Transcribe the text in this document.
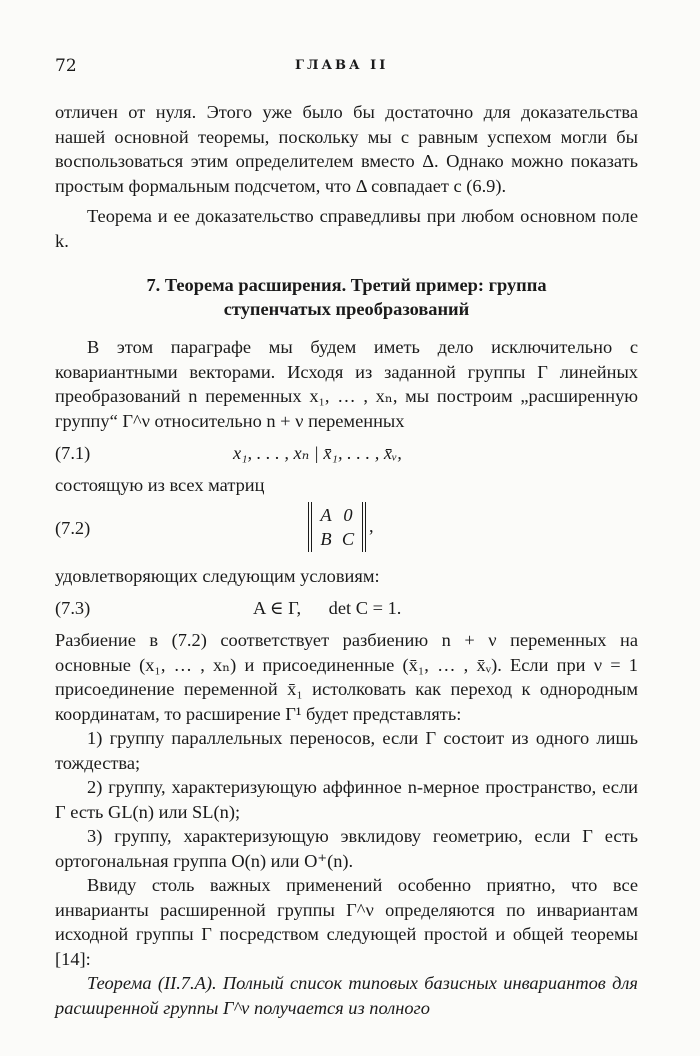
72	ГЛАВА II
отличен от нуля. Этого уже было бы достаточно для доказательства нашей основной теоремы, поскольку мы с равным успехом могли бы воспользоваться этим определителем вместо Δ. Однако можно показать простым формальным подсчетом, что Δ совпадает с (6.9).
Теорема и ее доказательство справедливы при любом основном поле k.
7. Теорема расширения. Третий пример: группа
ступенчатых преобразований
В этом параграфе мы будем иметь дело исключительно с ковариантными векторами. Исходя из заданной группы Γ линейных преобразований n переменных x₁, … , xₙ, мы построим „расширенную группу“ Γ^ν относительно n + ν переменных
(7.1)	x₁, . . . , xₙ | x̄₁, . . . , x̄ᵥ,
состоящую из всех матриц
(7.2)
A 0
B C
,
удовлетворяющих следующим условиям:
(7.3)	A ∈ Γ,      det C = 1.
Разбиение в (7.2) соответствует разбиению n + ν переменных на основные (x₁, … , xₙ) и присоединенные (x̄₁, … , x̄ᵥ). Если при ν = 1 присоединение переменной x̄₁ истолковать как переход к однородным координатам, то расширение Γ¹ будет представлять:
1) группу параллельных переносов, если Γ состоит из одного лишь тождества;
2) группу, характеризующую аффинное n-мерное пространство, если Γ есть GL(n) или SL(n);
3) группу, характеризующую эвклидову геометрию, если Γ есть ортогональная группа O(n) или O⁺(n).
Ввиду столь важных применений особенно приятно, что все инварианты расширенной группы Γ^ν определяются по инвариантам исходной группы Γ посредством следующей простой и общей теоремы [14]:
Теорема (II.7.A). Полный список типовых базисных инвариантов для расширенной группы Γ^ν получается из полного
